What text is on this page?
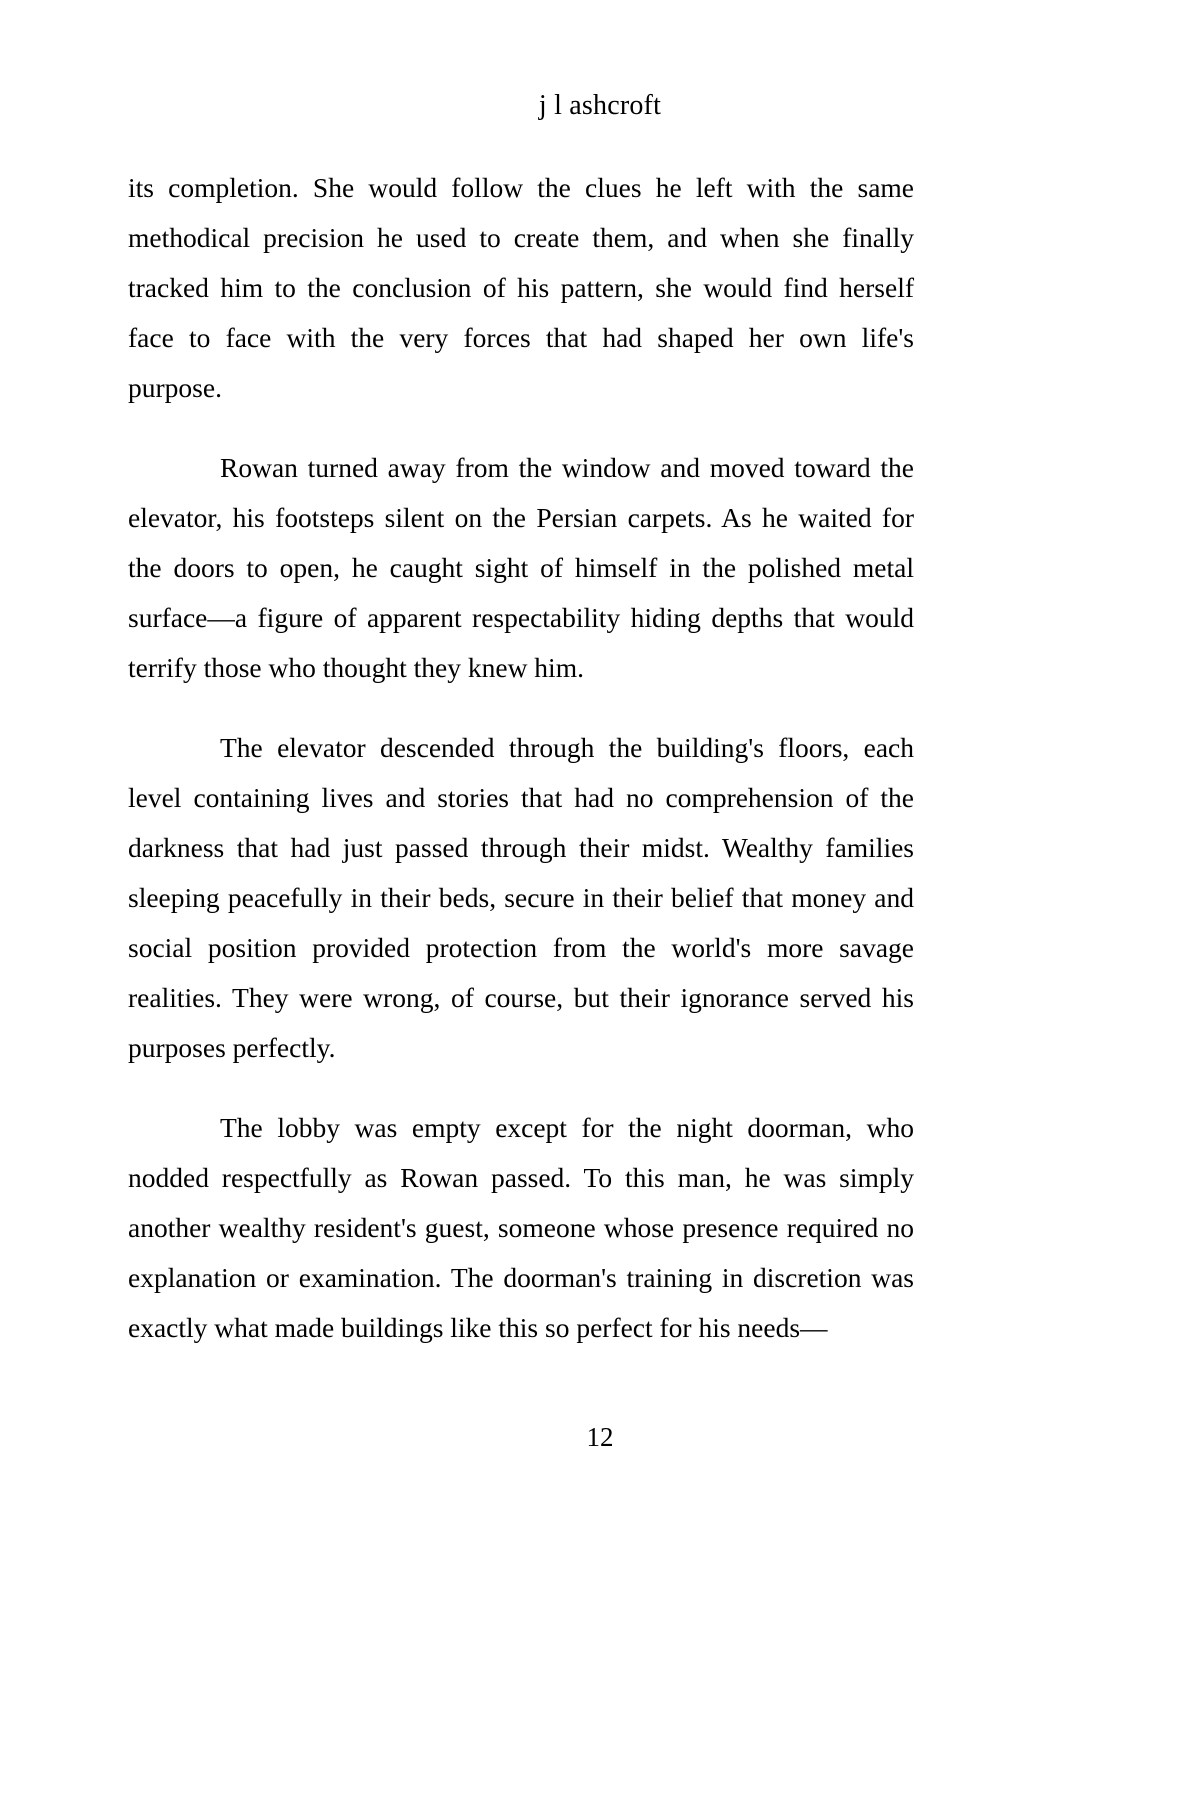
j l ashcroft

its completion. She would follow the clues he left with the same methodical precision he used to create them, and when she finally tracked him to the conclusion of his pattern, she would find herself face to face with the very forces that had shaped her own life's purpose.

Rowan turned away from the window and moved toward the elevator, his footsteps silent on the Persian carpets. As he waited for the doors to open, he caught sight of himself in the polished metal surface—a figure of apparent respectability hiding depths that would terrify those who thought they knew him.

The elevator descended through the building's floors, each level containing lives and stories that had no comprehension of the darkness that had just passed through their midst. Wealthy families sleeping peacefully in their beds, secure in their belief that money and social position provided protection from the world's more savage realities. They were wrong, of course, but their ignorance served his purposes perfectly.

The lobby was empty except for the night doorman, who nodded respectfully as Rowan passed. To this man, he was simply another wealthy resident's guest, someone whose presence required no explanation or examination. The doorman's training in discretion was exactly what made buildings like this so perfect for his needs—

12
